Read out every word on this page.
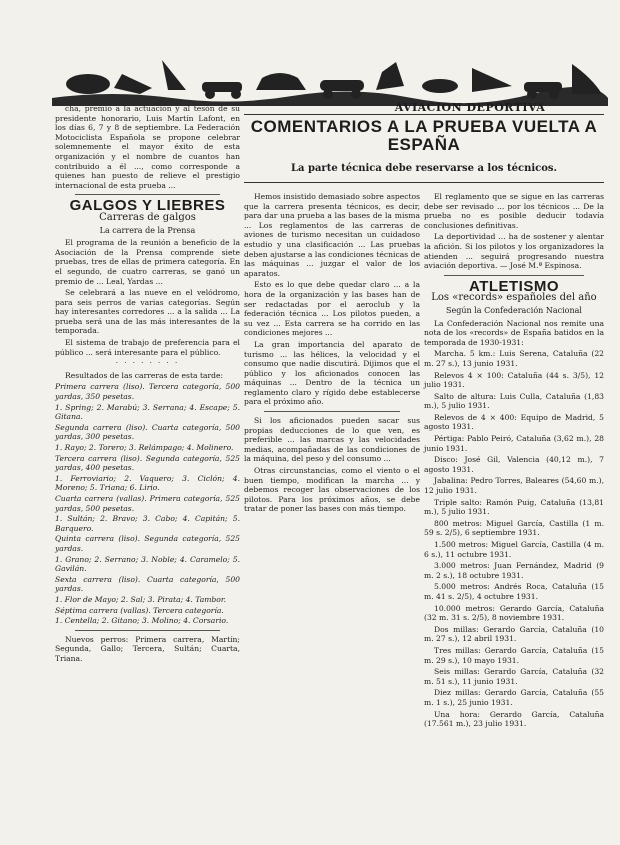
AVIACION DEPORTIVA
COMENTARIOS A LA PRUEBA VUELTA A ESPAÑA
La parte técnica debe reservarse a los técnicos.

cha, premio a la actuación y al tesón de su presidente honorario, Luis Martín Lafont, en los días 6, 7 y 8 de septiembre. La Federación Motociclista Española se propone celebrar solemnemente el mayor éxito de esta organización y el nombre de cuantos han contribuido a él ..., como corresponde a quienes han puesto de relieve el prestigio internacional de esta prueba ...

GALGOS Y LIEBRES
Carreras de galgos
La carrera de la Prensa

El programa de la reunión a beneficio de la Asociación de la Prensa comprende siete pruebas, tres de ellas de primera categoría. En el segundo, de cuatro carreras, se ganó un premio de ... Leal, Yardas ...

Se celebrará a las nueve en el velódromo, para seis perros de varias categorías. Según hay interesantes corredores ... a la salida ... La prueba será una de las más interesantes de la temporada.

El sistema de trabajo de preferencia para el público ... será interesante para el público.

· · · · · · · ·

Resultados de las carreras de esta tarde:

Primera carrera (liso). Tercera categoría, 500 yardas, 350 pesetas.
1. Spring; 2. Marabú; 3. Serrana; 4. Escape; 5. Gitana.
Segunda carrera (liso). Cuarta categoría, 500 yardas, 300 pesetas.
1. Rayo; 2. Torero; 3. Relámpago; 4. Molinero.
Tercera carrera (liso). Segunda categoría, 525 yardas, 400 pesetas.
1. Ferroviario; 2. Vaquero; 3. Ciclón; 4. Moreno; 5. Triana; 6. Lirio.
Cuarta carrera (vallas). Primera categoría, 525 yardas, 500 pesetas.
1. Sultán; 2. Bravo; 3. Cabo; 4. Capitán; 5. Barquero.
Quinta carrera (liso). Segunda categoría, 525 yardas.
1. Grano; 2. Serrano; 3. Noble; 4. Caramelo; 5. Gavilán.
Sexta carrera (liso). Cuarta categoría, 500 yardas.
1. Flor de Mayo; 2. Sal; 3. Pirata; 4. Tambor.
Séptima carrera (vallas). Tercera categoría.
1. Centella; 2. Gitano; 3. Molino; 4. Corsario.

Nuevos perros: Primera carrera, Martín; Segunda, Gallo; Tercera, Sultán; Cuarta, Triana.

Hemos insistido demasiado sobre aspectos que la carrera presenta técnicos, es decir, para dar una prueba a las bases de la misma ... Los reglamentos de las carreras de aviones de turismo necesitan un cuidadoso estudio y una clasificación ... Las pruebas deben ajustarse a las condiciones técnicas de las máquinas ... juzgar el valor de los aparatos.

Esto es lo que debe quedar claro ... a la hora de la organización y las bases han de ser redactadas por el aeroclub y la federación técnica ... Los pilotos pueden, a su vez ... Esta carrera se ha corrido en las condiciones mejores ...

La gran importancia del aparato de turismo ... las hélices, la velocidad y el consumo que nadie discutirá. Dijimos que el público y los aficionados conocen las máquinas ... Dentro de la técnica un reglamento claro y rígido debe establecerse para el próximo año.

Si los aficionados pueden sacar sus propias deducciones de lo que ven, es preferible ... las marcas y las velocidades medias, acompañadas de las condiciones de la máquina, del peso y del consumo ...

Otras circunstancias, como el viento o el buen tiempo, modifican la marcha ... y debemos recoger las observaciones de los pilotos. Para los próximos años, se debe tratar de poner las bases con más tiempo.

El reglamento que se sigue en las carreras debe ser revisado ... por los técnicos ... De la prueba no es posible deducir todavía conclusiones definitivas.

La deportividad ... ha de sostener y alentar la afición. Si los pilotos y los organizadores la atienden ... seguirá progresando nuestra aviación deportiva. — José M.ª Espinosa.

ATLETISMO
Los «records» españoles del año
Según la Confederación Nacional

La Confederación Nacional nos remite una nota de los «records» de España batidos en la temporada de 1930-1931:

Marcha. 5 km.: Luis Serena, Cataluña (22 m. 27 s.), 13 junio 1931.

Relevos 4 × 100: Cataluña (44 s. 3/5), 12 julio 1931.

Salto de altura: Luis Culla, Cataluña (1,83 m.), 5 julio 1931.

Relevos de 4 × 400: Equipo de Madrid, 5 agosto 1931.

Pértiga: Pablo Peiró, Cataluña (3,62 m.), 28 junio 1931.

Disco: José Gil, Valencia (40,12 m.), 7 agosto 1931.

Jabalina: Pedro Torres, Baleares (54,60 m.), 12 julio 1931.

Triple salto: Ramón Puig, Cataluña (13,81 m.), 5 julio 1931.

800 metros: Miguel García, Castilla (1 m. 59 s. 2/5), 6 septiembre 1931.

1.500 metros: Miguel García, Castilla (4 m. 6 s.), 11 octubre 1931.

3.000 metros: Juan Fernández, Madrid (9 m. 2 s.), 18 octubre 1931.

5.000 metros: Andrés Roca, Cataluña (15 m. 41 s. 2/5), 4 octubre 1931.

10.000 metros: Gerardo García, Cataluña (32 m. 31 s. 2/5), 8 noviembre 1931.

Dos millas: Gerardo García, Cataluña (10 m. 27 s.), 12 abril 1931.

Tres millas: Gerardo García, Cataluña (15 m. 29 s.), 10 mayo 1931.

Seis millas: Gerardo García, Cataluña (32 m. 51 s.), 11 junio 1931.

Diez millas: Gerardo García, Cataluña (55 m. 1 s.), 25 junio 1931.

Una hora: Gerardo García, Cataluña (17.561 m.), 23 julio 1931.
